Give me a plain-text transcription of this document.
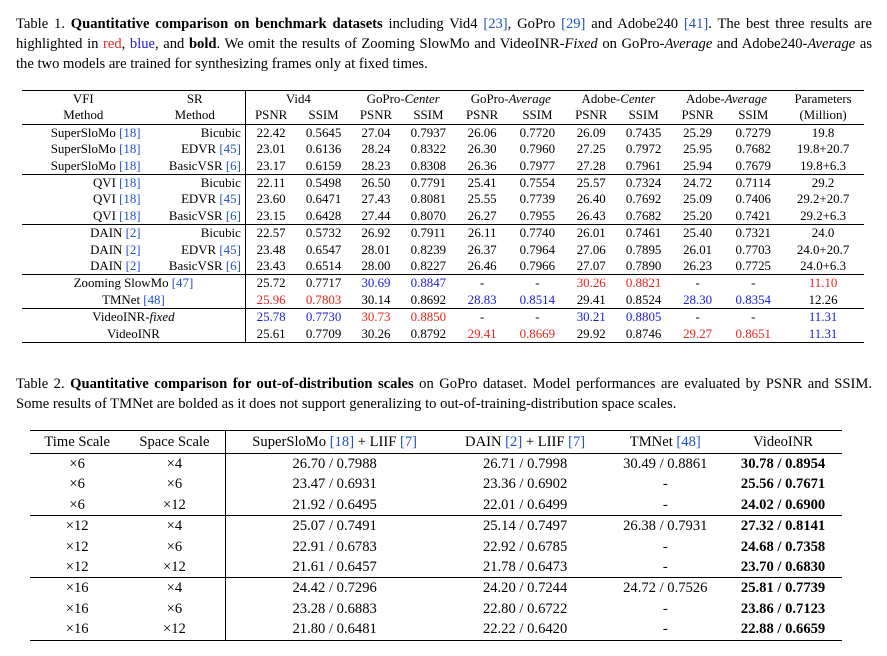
Table 1. Quantitative comparison on benchmark datasets including Vid4 [23], GoPro [29] and Adobe240 [41]. The best three results are highlighted in red, blue, and bold. We omit the results of Zooming SlowMo and VideoINR-Fixed on GoPro-Average and Adobe240-Average as the two models are trained for synthesizing frames only at fixed times.
VFI	SR	Vid4		GoPro-Center		GoPro-Average		Adobe-Center		Adobe-Average		Parameters
Method	Method	PSNR	SSIM	PSNR	SSIM	PSNR	SSIM	PSNR	SSIM	PSNR	SSIM	(Million)
SuperSloMo [18]	Bicubic	22.42	0.5645	27.04	0.7937	26.06	0.7720	26.09	0.7435	25.29	0.7279	19.8
SuperSloMo [18]	EDVR [45]	23.01	0.6136	28.24	0.8322	26.30	0.7960	27.25	0.7972	25.95	0.7682	19.8+20.7
SuperSloMo [18]	BasicVSR [6]	23.17	0.6159	28.23	0.8308	26.36	0.7977	27.28	0.7961	25.94	0.7679	19.8+6.3
QVI [18]	Bicubic	22.11	0.5498	26.50	0.7791	25.41	0.7554	25.57	0.7324	24.72	0.7114	29.2
QVI [18]	EDVR [45]	23.60	0.6471	27.43	0.8081	25.55	0.7739	26.40	0.7692	25.09	0.7406	29.2+20.7
QVI [18]	BasicVSR [6]	23.15	0.6428	27.44	0.8070	26.27	0.7955	26.43	0.7682	25.20	0.7421	29.2+6.3
DAIN [2]	Bicubic	22.57	0.5732	26.92	0.7911	26.11	0.7740	26.01	0.7461	25.40	0.7321	24.0
DAIN [2]	EDVR [45]	23.48	0.6547	28.01	0.8239	26.37	0.7964	27.06	0.7895	26.01	0.7703	24.0+20.7
DAIN [2]	BasicVSR [6]	23.43	0.6514	28.00	0.8227	26.46	0.7966	27.07	0.7890	26.23	0.7725	24.0+6.3
Zooming SlowMo [47]		25.72	0.7717	30.69	0.8847	-	-	30.26	0.8821	-	-	11.10
TMNet [48]		25.96	0.7803	30.14	0.8692	28.83	0.8514	29.41	0.8524	28.30	0.8354	12.26
VideoINR-fixed		25.78	0.7730	30.73	0.8850	-	-	30.21	0.8805	-	-	11.31
VideoINR		25.61	0.7709	30.26	0.8792	29.41	0.8669	29.92	0.8746	29.27	0.8651	11.31
Table 2. Quantitative comparison for out-of-distribution scales on GoPro dataset. Model performances are evaluated by PSNR and SSIM. Some results of TMNet are bolded as it does not support generalizing to out-of-training-distribution space scales.
Time Scale	Space Scale	SuperSloMo [18] + LIIF [7]	DAIN [2] + LIIF [7]	TMNet [48]	VideoINR
×6	×4	26.70 / 0.7988	26.71 / 0.7998	30.49 / 0.8861	30.78 / 0.8954
×6	×6	23.47 / 0.6931	23.36 / 0.6902	-	25.56 / 0.7671
×6	×12	21.92 / 0.6495	22.01 / 0.6499	-	24.02 / 0.6900
×12	×4	25.07 / 0.7491	25.14 / 0.7497	26.38 / 0.7931	27.32 / 0.8141
×12	×6	22.91 / 0.6783	22.92 / 0.6785	-	24.68 / 0.7358
×12	×12	21.61 / 0.6457	21.78 / 0.6473	-	23.70 / 0.6830
×16	×4	24.42 / 0.7296	24.20 / 0.7244	24.72 / 0.7526	25.81 / 0.7739
×16	×6	23.28 / 0.6883	22.80 / 0.6722	-	23.86 / 0.7123
×16	×12	21.80 / 0.6481	22.22 / 0.6420	-	22.88 / 0.6659
